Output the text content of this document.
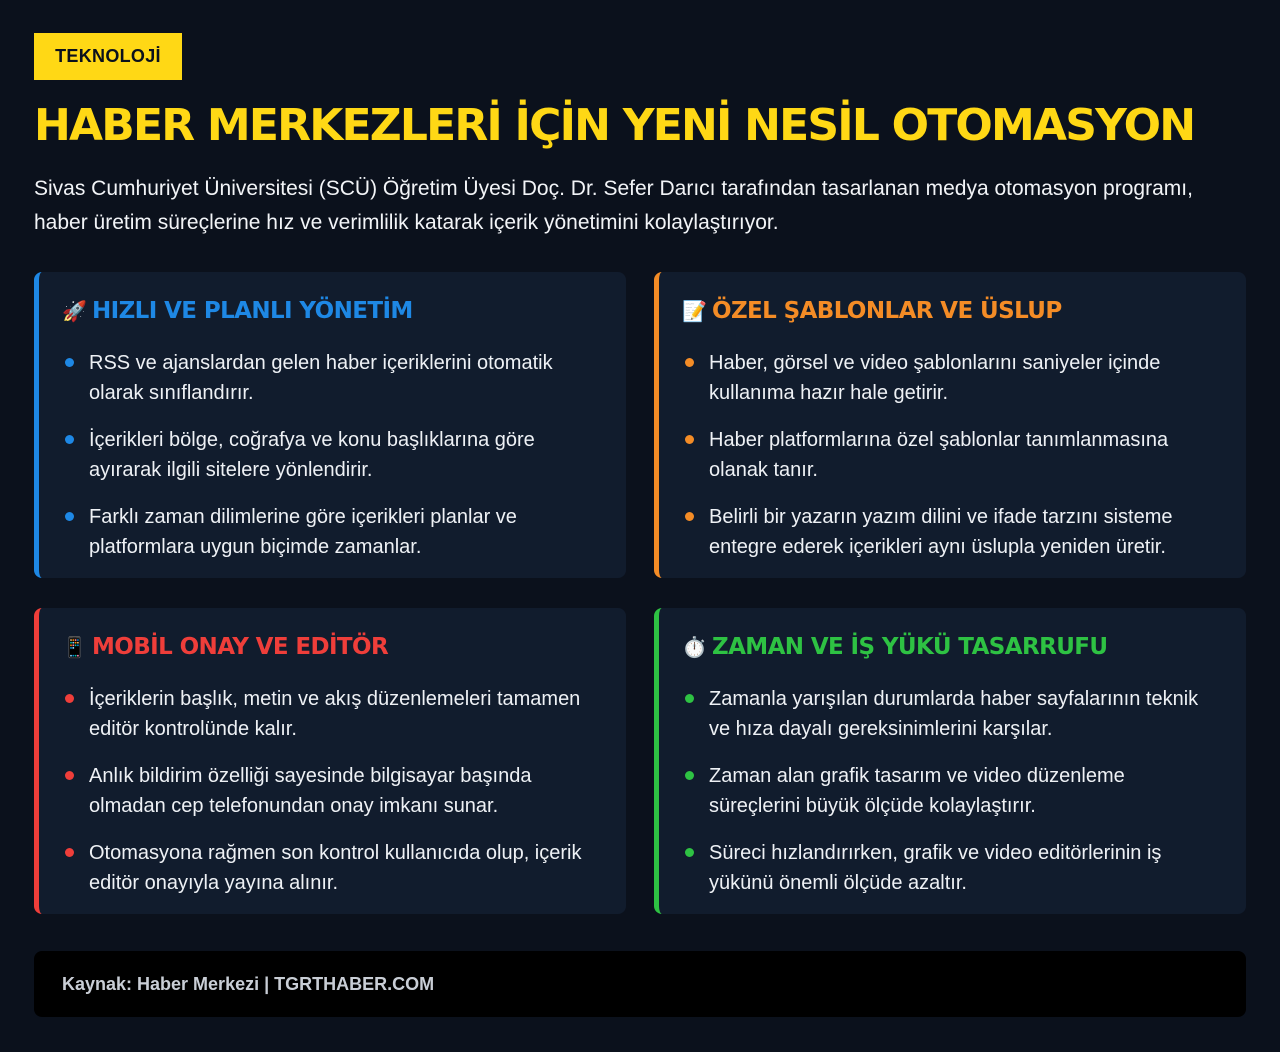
TEKNOLOJİ
HABER MERKEZLERİ İÇİN YENİ NESİL OTOMASYON

Sivas Cumhuriyet Üniversitesi (SCÜ) Öğretim Üyesi Doç. Dr. Sefer Darıcı tarafından tasarlanan medya otomasyon programı, haber üretim süreçlerine hız ve verimlilik katarak içerik yönetimini kolaylaştırıyor.

🚀 HIZLI VE PLANLI YÖNETİM
RSS ve ajanslardan gelen haber içeriklerini otomatik olarak sınıflandırır.
İçerikleri bölge, coğrafya ve konu başlıklarına göre ayırarak ilgili sitelere yönlendirir.
Farklı zaman dilimlerine göre içerikleri planlar ve platformlara uygun biçimde zamanlar.
📝 ÖZEL ŞABLONLAR VE ÜSLUP
Haber, görsel ve video şablonlarını saniyeler içinde kullanıma hazır hale getirir.
Haber platformlarına özel şablonlar tanımlanmasına olanak tanır.
Belirli bir yazarın yazım dilini ve ifade tarzını sisteme entegre ederek içerikleri aynı üslupla yeniden üretir.
📱 MOBİL ONAY VE EDİTÖR
İçeriklerin başlık, metin ve akış düzenlemeleri tamamen editör kontrolünde kalır.
Anlık bildirim özelliği sayesinde bilgisayar başında olmadan cep telefonundan onay imkanı sunar.
Otomasyona rağmen son kontrol kullanıcıda olup, içerik editör onayıyla yayına alınır.
⏱️ ZAMAN VE İŞ YÜKÜ TASARRUFU
Zamanla yarışılan durumlarda haber sayfalarının teknik ve hıza dayalı gereksinimlerini karşılar.
Zaman alan grafik tasarım ve video düzenleme süreçlerini büyük ölçüde kolaylaştırır.
Süreci hızlandırırken, grafik ve video editörlerinin iş yükünü önemli ölçüde azaltır.
Kaynak: Haber Merkezi | TGRTHABER.COM
